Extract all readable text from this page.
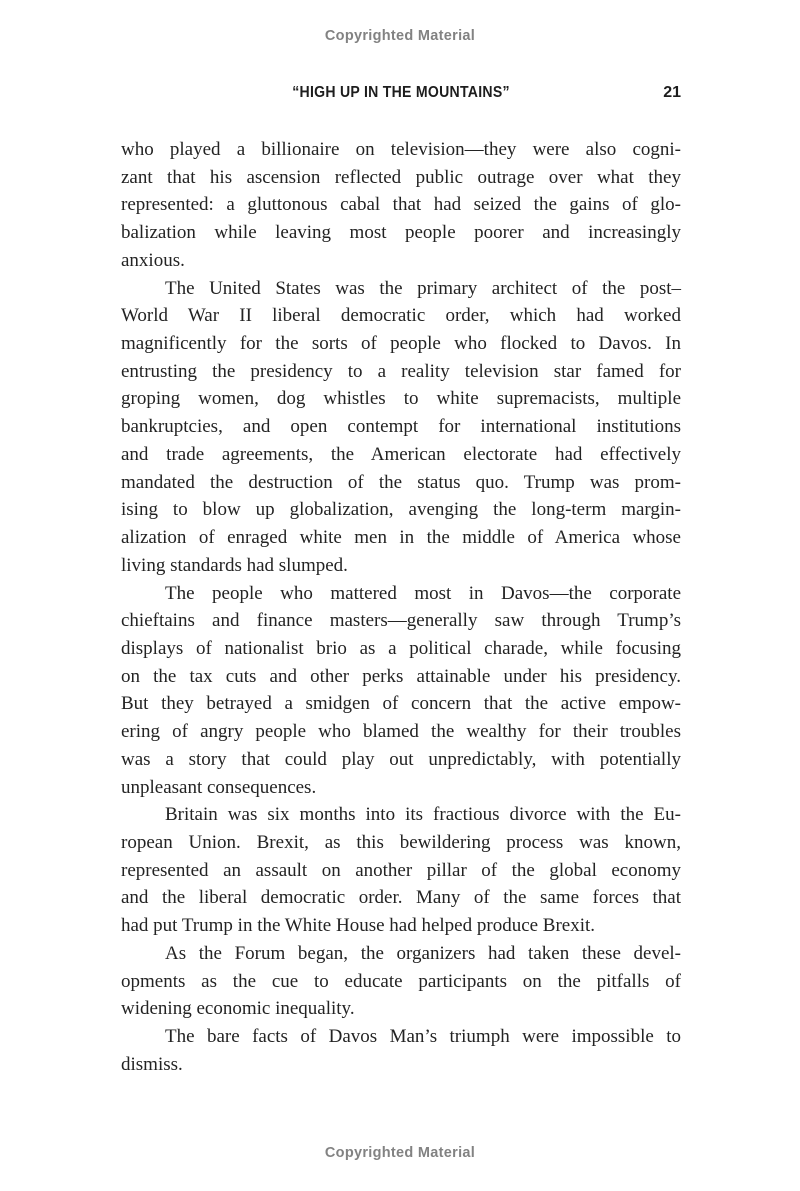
Copyrighted Material
“HIGH UP IN THE MOUNTAINS”	21
who played a billionaire on television—they were also cogni-
zant that his ascension reflected public outrage over what they
represented: a gluttonous cabal that had seized the gains of glo-
balization while leaving most people poorer and increasingly
anxious.
The United States was the primary architect of the post–
World War II liberal democratic order, which had worked
magnificently for the sorts of people who flocked to Davos. In
entrusting the presidency to a reality television star famed for
groping women, dog whistles to white supremacists, multiple
bankruptcies, and open contempt for international institutions
and trade agreements, the American electorate had effectively
mandated the destruction of the status quo. Trump was prom-
ising to blow up globalization, avenging the long-term margin-
alization of enraged white men in the middle of America whose
living standards had slumped.
The people who mattered most in Davos—the corporate
chieftains and finance masters—generally saw through Trump’s
displays of nationalist brio as a political charade, while focusing
on the tax cuts and other perks attainable under his presidency.
But they betrayed a smidgen of concern that the active empow-
ering of angry people who blamed the wealthy for their troubles
was a story that could play out unpredictably, with potentially
unpleasant consequences.
Britain was six months into its fractious divorce with the Eu-
ropean Union. Brexit, as this bewildering process was known,
represented an assault on another pillar of the global economy
and the liberal democratic order. Many of the same forces that
had put Trump in the White House had helped produce Brexit.
As the Forum began, the organizers had taken these devel-
opments as the cue to educate participants on the pitfalls of
widening economic inequality.
The bare facts of Davos Man’s triumph were impossible to
dismiss.
Copyrighted Material
